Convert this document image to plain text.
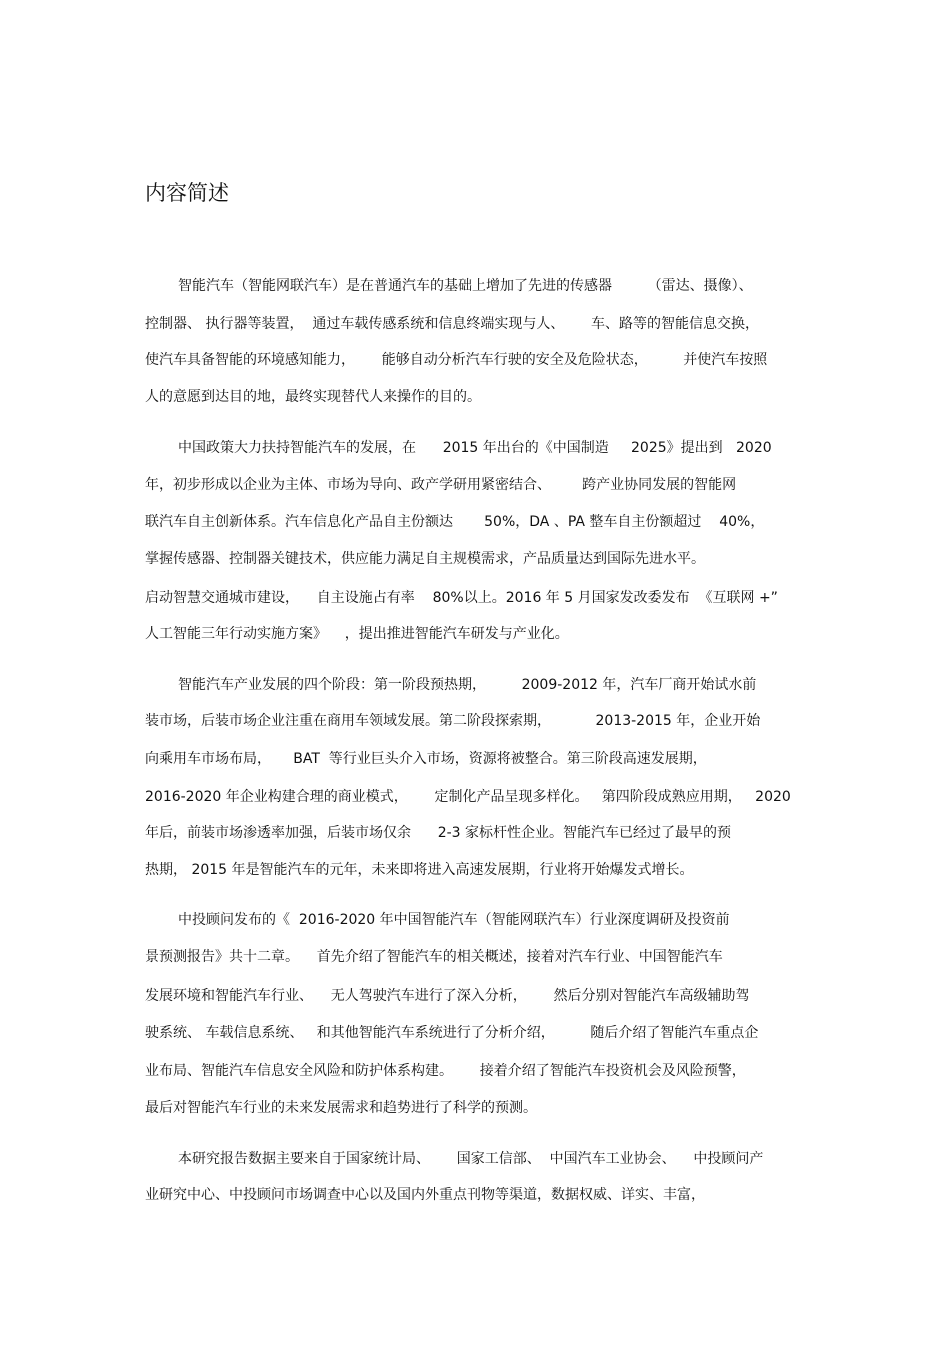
内容简述
智能汽车（智能网联汽车）是在普通汽车的基础上增加了先进的传感器        （雷达、摄像）、
控制器、 执行器等装置，  通过车载传感系统和信息终端实现与人、      车、路等的智能信息交换，
使汽车具备智能的环境感知能力，      能够自动分析汽车行驶的安全及危险状态，        并使汽车按照
人的意愿到达目的地，最终实现替代人来操作的目的。
中国政策大力扶持智能汽车的发展，在      2015 年出台的《中国制造     2025》提出到   2020
年，初步形成以企业为主体、市场为导向、政产学研用紧密结合、       跨产业协同发展的智能网
联汽车自主创新体系。汽车信息化产品自主份额达       50%，DA 、PA 整车自主份额超过    40%，
掌握传感器、控制器关键技术，供应能力满足自主规模需求，产品质量达到国际先进水平。
启动智慧交通城市建设，    自主设施占有率    80%以上。2016 年 5 月国家发改委发布  《互联网 +”
人工智能三年行动实施方案》    ，提出推进智能汽车研发与产业化。
智能汽车产业发展的四个阶段：第一阶段预热期，        2009-2012 年，汽车厂商开始试水前
装市场，后装市场企业注重在商用车领域发展。第二阶段探索期，          2013-2015 年，企业开始
向乘用车市场布局，     BAT  等行业巨头介入市场，资源将被整合。第三阶段高速发展期，
2016-2020 年企业构建合理的商业模式，      定制化产品呈现多样化。   第四阶段成熟应用期，   2020
年后，前装市场渗透率加强，后装市场仅余      2-3 家标杆性企业。智能汽车已经过了最早的预
热期， 2015 年是智能汽车的元年，未来即将进入高速发展期，行业将开始爆发式增长。
中投顾问发布的《  2016-2020 年中国智能汽车（智能网联汽车）行业深度调研及投资前
景预测报告》共十二章。    首先介绍了智能汽车的相关概述，接着对汽车行业、中国智能汽车
发展环境和智能汽车行业、    无人驾驶汽车进行了深入分析，      然后分别对智能汽车高级辅助驾
驶系统、 车载信息系统、   和其他智能汽车系统进行了分析介绍，        随后介绍了智能汽车重点企
业布局、智能汽车信息安全风险和防护体系构建。      接着介绍了智能汽车投资机会及风险预警，
最后对智能汽车行业的未来发展需求和趋势进行了科学的预测。
本研究报告数据主要来自于国家统计局、      国家工信部、  中国汽车工业协会、    中投顾问产
业研究中心、中投顾问市场调查中心以及国内外重点刊物等渠道，数据权威、详实、丰富，
